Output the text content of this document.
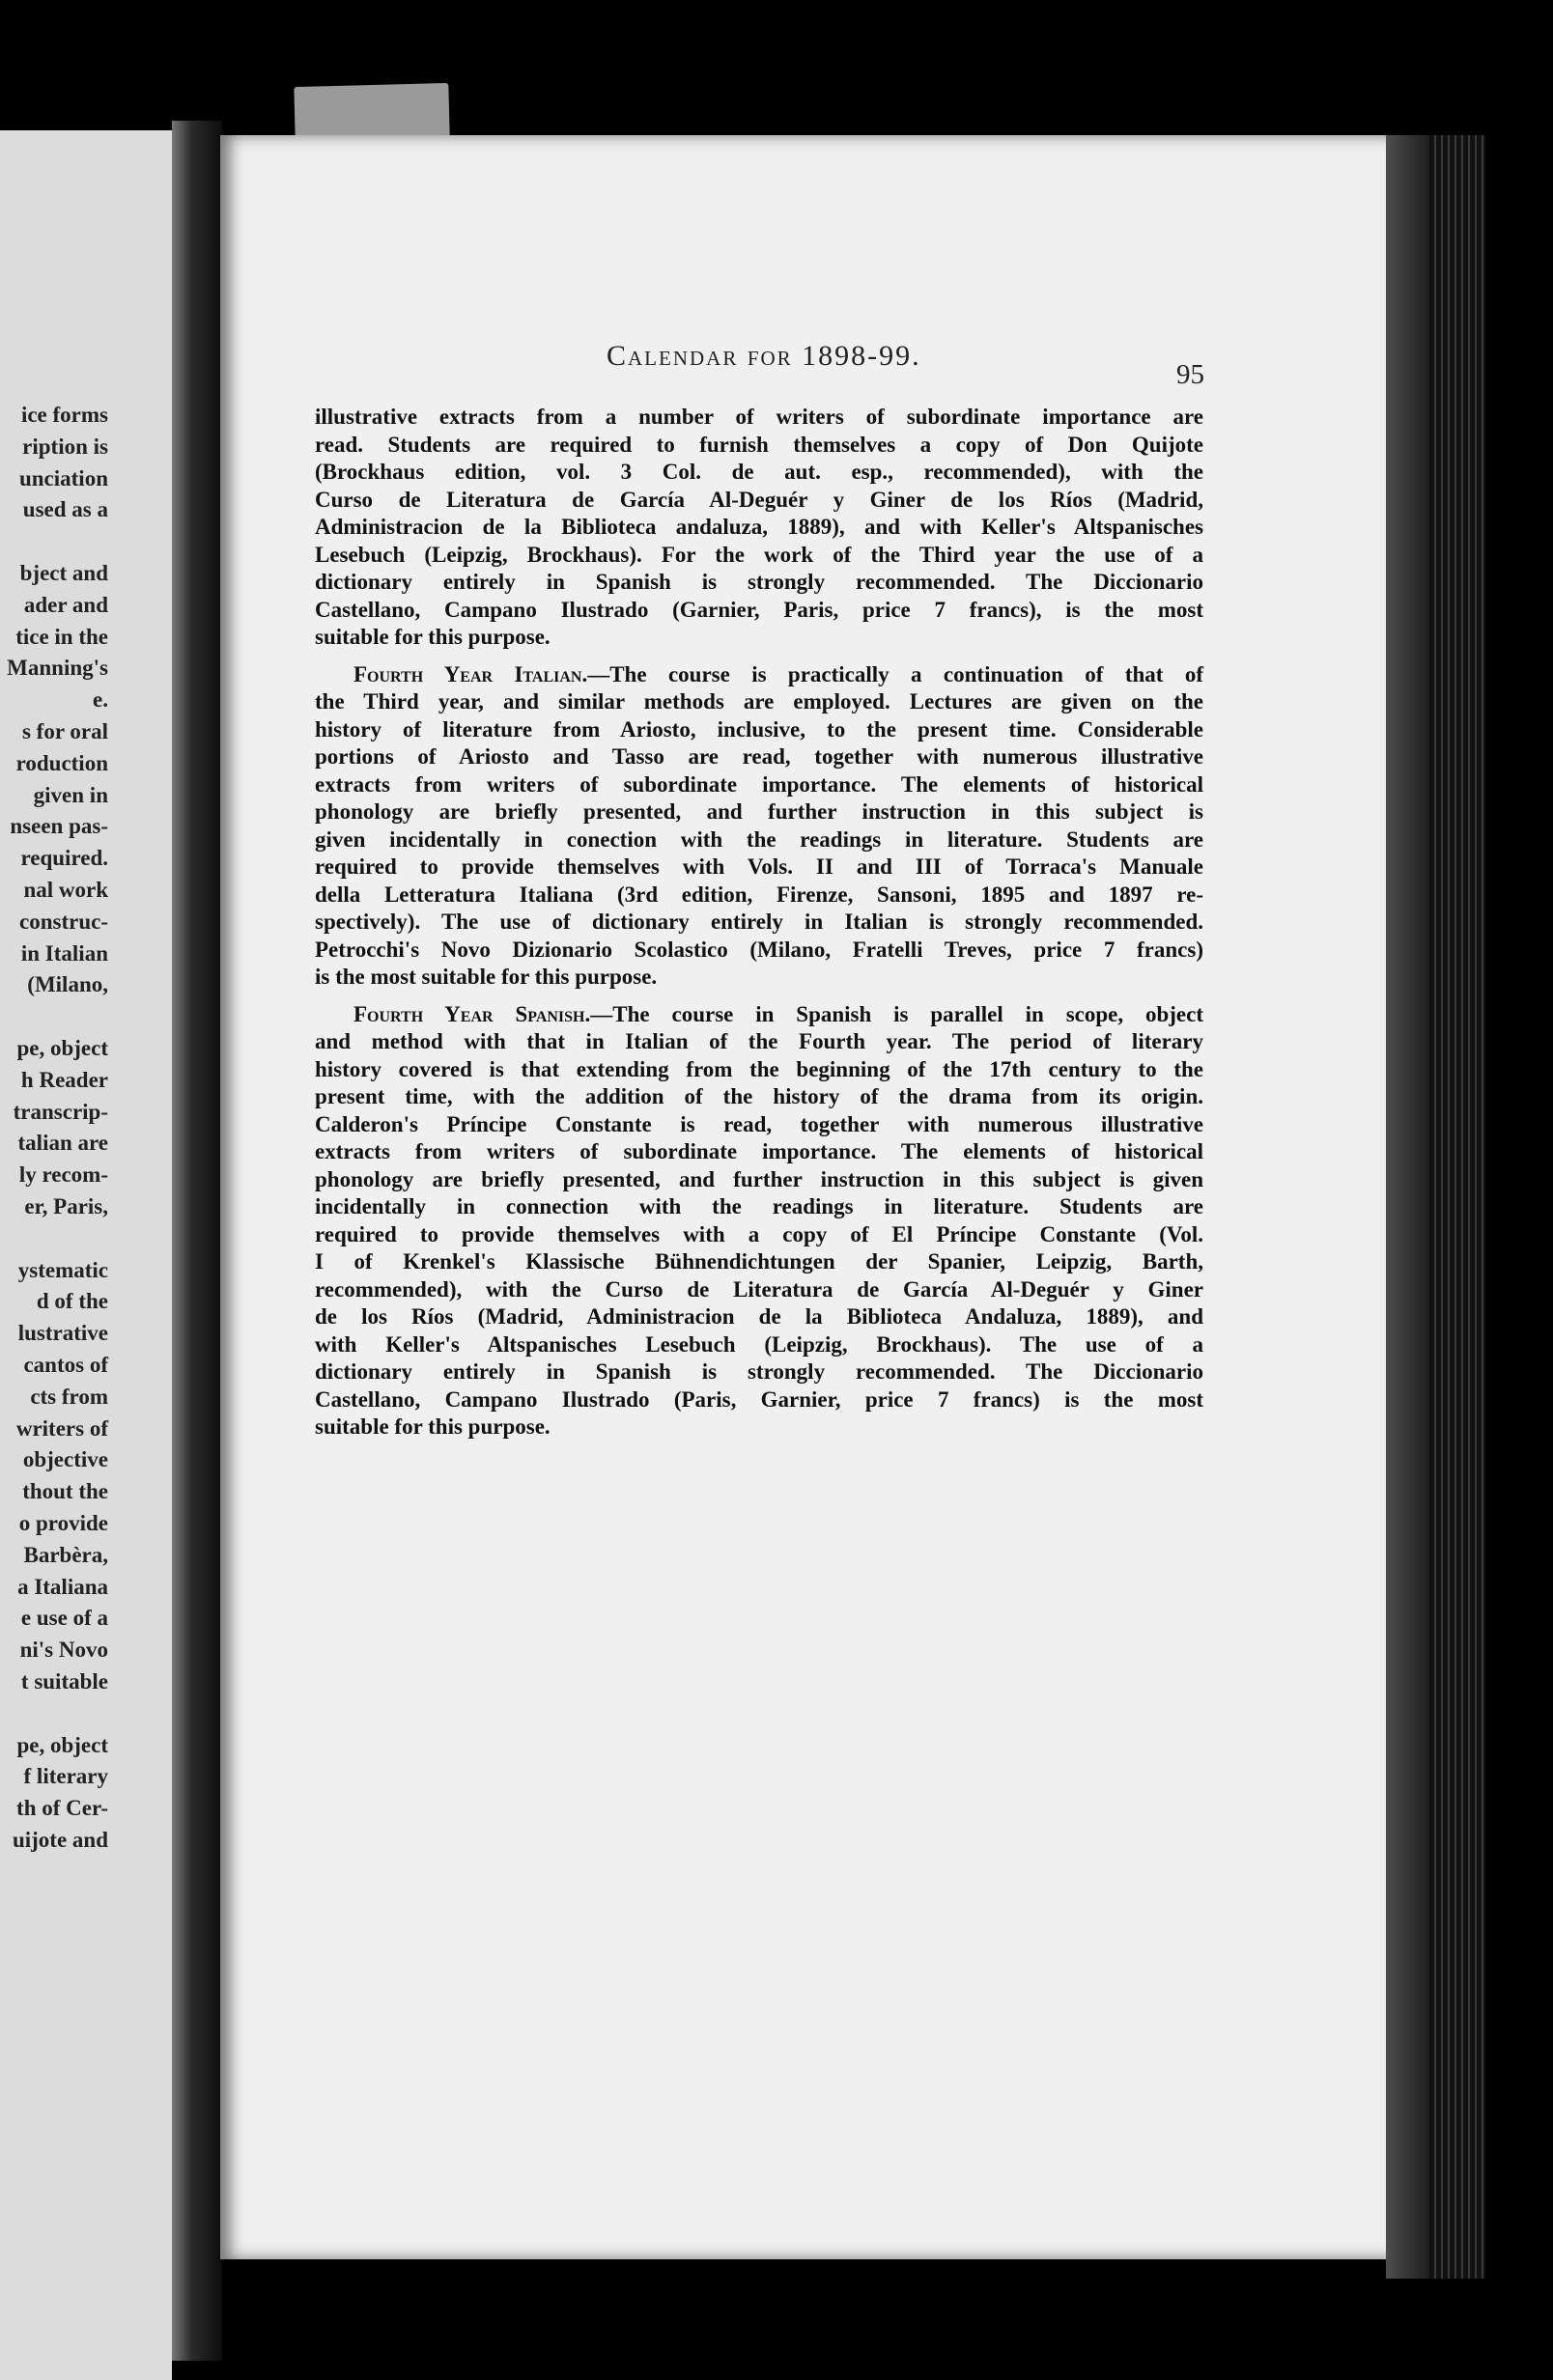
ice forms
ription is
unciation
used as a
bject and
ader and
tice in the
Manning's
e.
s for oral
roduction
given in
nseen pas-
required.
nal work
construc-
in Italian
(Milano,
pe, object
h Reader
transcrip-
talian are
ly recom-
er, Paris,
ystematic
d of the
lustrative
cantos of
cts from
writers of
objective
thout the
o provide
Barbèra,
a Italiana
e use of a
ni's Novo
t suitable
pe, object
f literary
th of Cer-
uijote and
Calendar for 1898-99.
95
illustrative extracts from a number of writers of subordinate importance are
read. Students are required to furnish themselves a copy of Don Quijote
(Brockhaus edition, vol. 3 Col. de aut. esp., recommended), with the
Curso de Literatura de García Al-Deguér y Giner de los Ríos (Madrid,
Administracion de la Biblioteca andaluza, 1889), and with Keller's Altspanisches
Lesebuch (Leipzig, Brockhaus). For the work of the Third year the use of a
dictionary entirely in Spanish is strongly recommended. The Diccionario
Castellano, Campano Ilustrado (Garnier, Paris, price 7 francs), is the most
suitable for this purpose.
Fourth Year Italian.—The course is practically a continuation of that of
the Third year, and similar methods are employed. Lectures are given on the
history of literature from Ariosto, inclusive, to the present time. Considerable
portions of Ariosto and Tasso are read, together with numerous illustrative
extracts from writers of subordinate importance. The elements of historical
phonology are briefly presented, and further instruction in this subject is
given incidentally in conection with the readings in literature. Students are
required to provide themselves with Vols. II and III of Torraca's Manuale
della Letteratura Italiana (3rd edition, Firenze, Sansoni, 1895 and 1897 re-
spectively). The use of dictionary entirely in Italian is strongly recommended.
Petrocchi's Novo Dizionario Scolastico (Milano, Fratelli Treves, price 7 francs)
is the most suitable for this purpose.
Fourth Year Spanish.—The course in Spanish is parallel in scope, object
and method with that in Italian of the Fourth year. The period of literary
history covered is that extending from the beginning of the 17th century to the
present time, with the addition of the history of the drama from its origin.
Calderon's Príncipe Constante is read, together with numerous illustrative
extracts from writers of subordinate importance. The elements of historical
phonology are briefly presented, and further instruction in this subject is given
incidentally in connection with the readings in literature. Students are
required to provide themselves with a copy of El Príncipe Constante (Vol.
I of Krenkel's Klassische Bühnendichtungen der Spanier, Leipzig, Barth,
recommended), with the Curso de Literatura de García Al-Deguér y Giner
de los Ríos (Madrid, Administracion de la Biblioteca Andaluza, 1889), and
with Keller's Altspanisches Lesebuch (Leipzig, Brockhaus). The use of a
dictionary entirely in Spanish is strongly recommended. The Diccionario
Castellano, Campano Ilustrado (Paris, Garnier, price 7 francs) is the most
suitable for this purpose.
